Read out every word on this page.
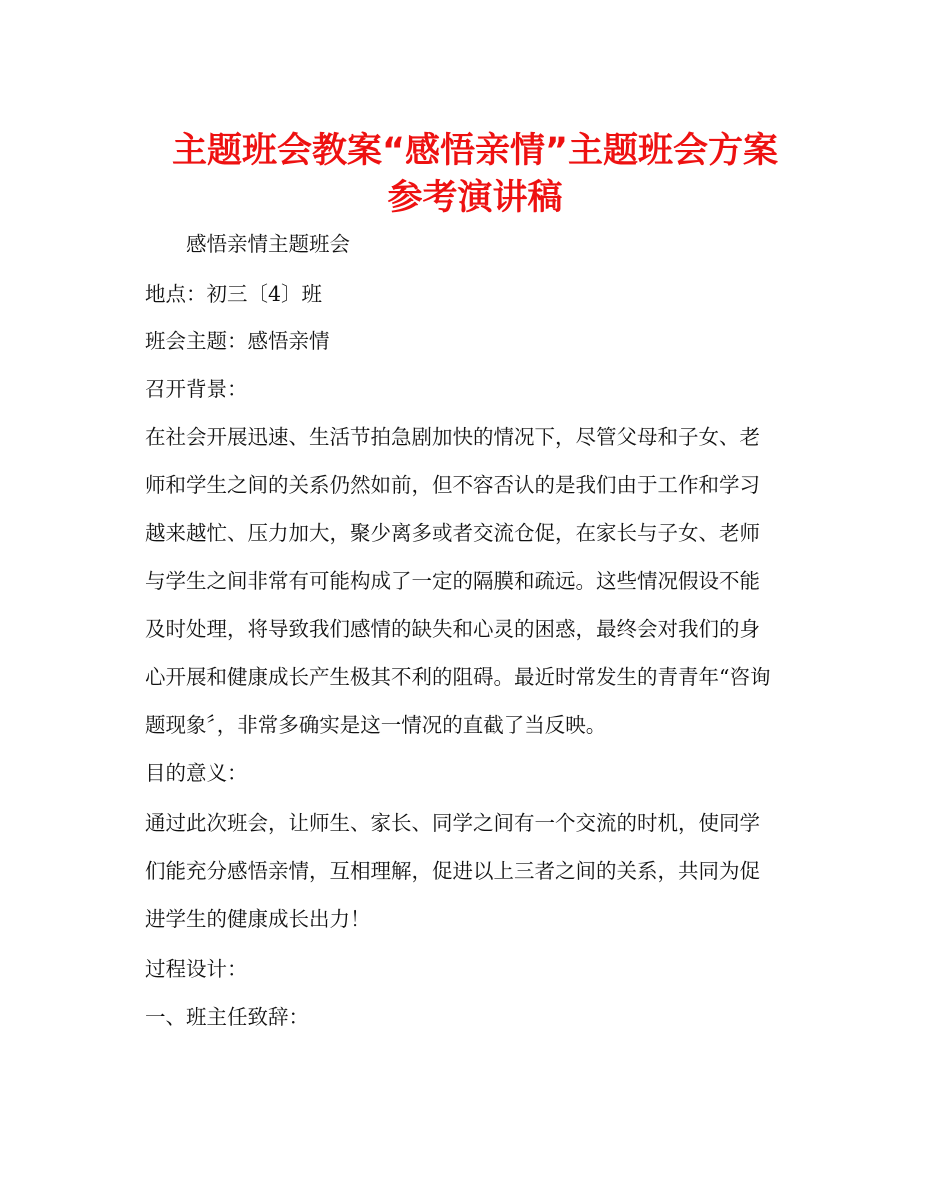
主题班会教案“感悟亲情”主题班会方案
参考演讲稿

感悟亲情主题班会

地点：初三〔4〕班

班会主题：感悟亲情

召开背景：

在社会开展迅速、生活节拍急剧加快的情况下，尽管父母和子女、老

师和学生之间的关系仍然如前，但不容否认的是我们由于工作和学习

越来越忙、压力加大，聚少离多或者交流仓促，在家长与子女、老师

与学生之间非常有可能构成了一定的隔膜和疏远。这些情况假设不能

及时处理，将导致我们感情的缺失和心灵的困惑，最终会对我们的身

心开展和健康成长产生极其不利的阻碍。最近时常发生的青青年“咨询

题现象〞，非常多确实是这一情况的直截了当反映。

目的意义：

通过此次班会，让师生、家长、同学之间有一个交流的时机，使同学

们能充分感悟亲情，互相理解，促进以上三者之间的关系，共同为促

进学生的健康成长出力！

过程设计：

一、班主任致辞：
